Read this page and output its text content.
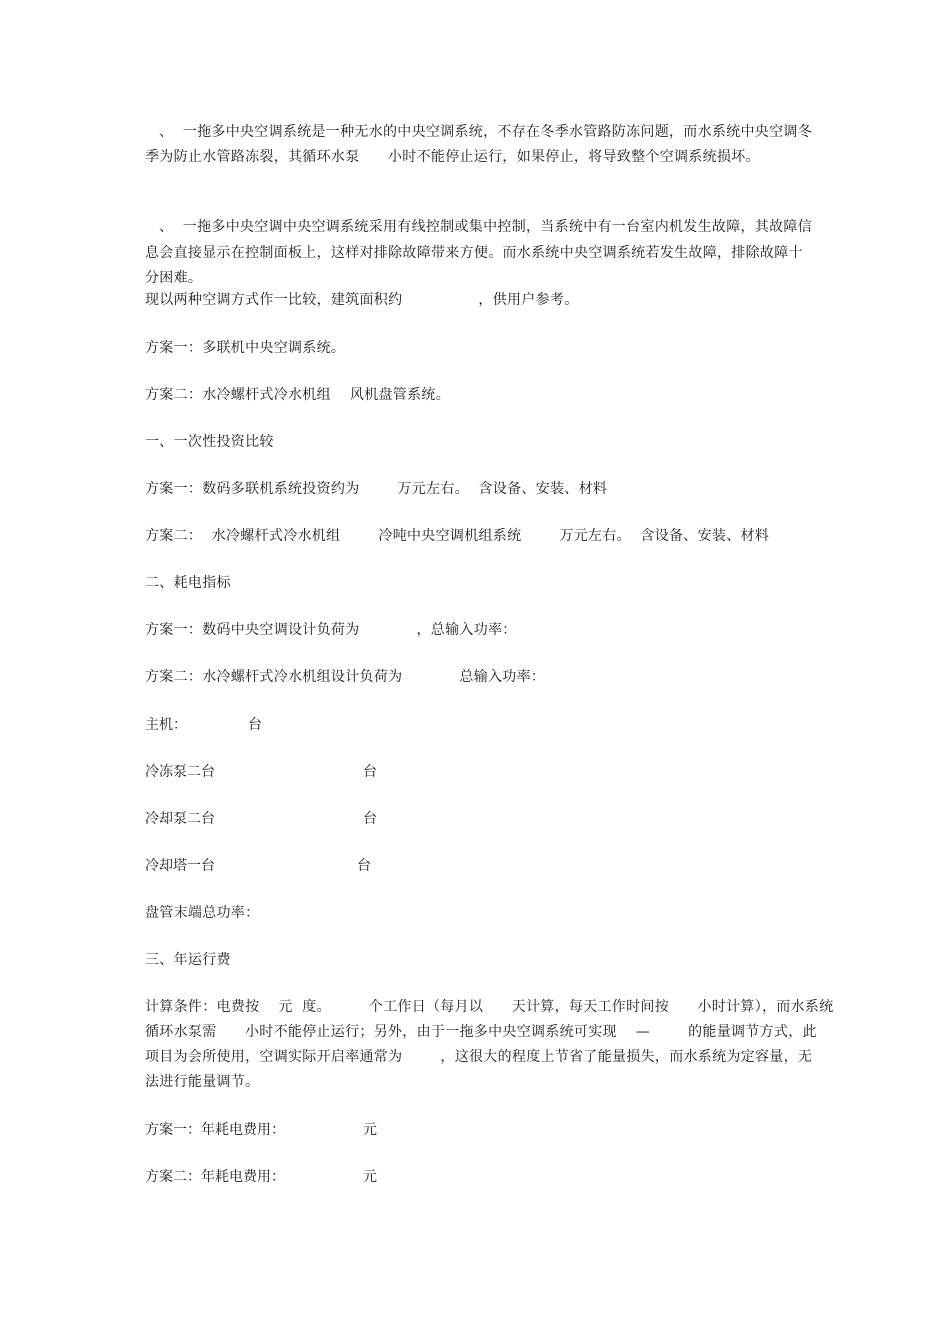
、  一拖多中央空调系统是一种无水的中央空调系统，不存在冬季水管路防冻问题，而水系统中央空调冬
季为防止水管路冻裂，其循环水泵      小时不能停止运行，如果停止，将导致整个空调系统损坏。
、  一拖多中央空调中央空调系统采用有线控制或集中控制，当系统中有一台室内机发生故障，其故障信
息会直接显示在控制面板上，这样对排除故障带来方便。而水系统中央空调系统若发生故障，排除故障十
分困难。
现以两种空调方式作一比较，建筑面积约                ，供用户参考。
方案一：多联机中央空调系统。
方案二：水冷螺杆式冷水机组    风机盘管系统。
一、一次性投资比较
方案一：数码多联机系统投资约为        万元左右。  含设备、安装、材料
方案二：  水冷螺杆式冷水机组        冷吨中央空调机组系统        万元左右。  含设备、安装、材料
二、耗电指标
方案一：数码中央空调设计负荷为            ，总输入功率：
方案二：水冷螺杆式冷水机组设计负荷为            总输入功率：
主机：	台
冷冻泵二台	台
冷却泵二台	台
冷却塔一台	台
盘管末端总功率：
三、年运行费
计算条件：电费按    元  度。        个工作日（每月以      天计算，每天工作时间按      小时计算），而水系统
循环水泵需      小时不能停止运行；另外，由于一拖多中央空调系统可实现    —        的能量调节方式，此
项目为会所使用，空调实际开启率通常为        ，这很大的程度上节省了能量损失，而水系统为定容量，无
法进行能量调节。
方案一：年耗电费用：	元
方案二：年耗电费用：	元
